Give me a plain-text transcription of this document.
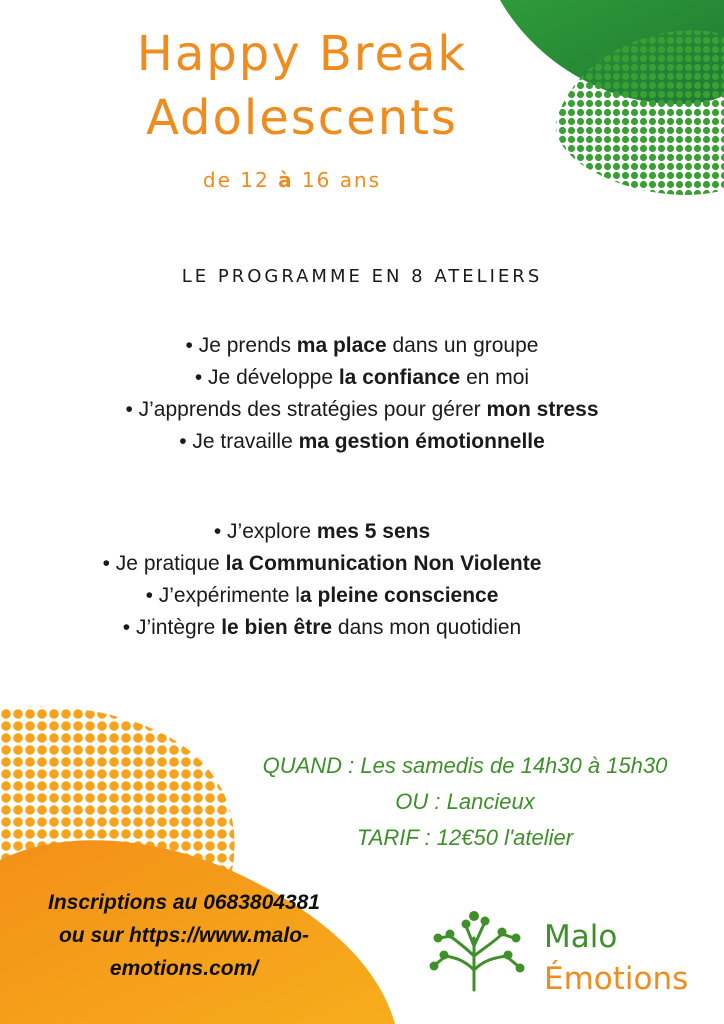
Happy Break
Adolescents
de 12 à 16 ans
LE PROGRAMME EN 8 ATELIERS
• Je prends ma place dans un groupe
• Je développe la confiance en moi
• J’apprends des stratégies pour gérer mon stress
• Je travaille ma gestion émotionnelle
• J’explore mes 5 sens
• Je pratique la Communication Non Violente
• J’expérimente la pleine conscience
• J’intègre le bien être dans mon quotidien
QUAND : Les samedis de 14h30 à 15h30
OU : Lancieux
TARIF : 12€50 l'atelier
Inscriptions au 0683804381
ou sur https://www.malo-
emotions.com/
Malo
Émotions
